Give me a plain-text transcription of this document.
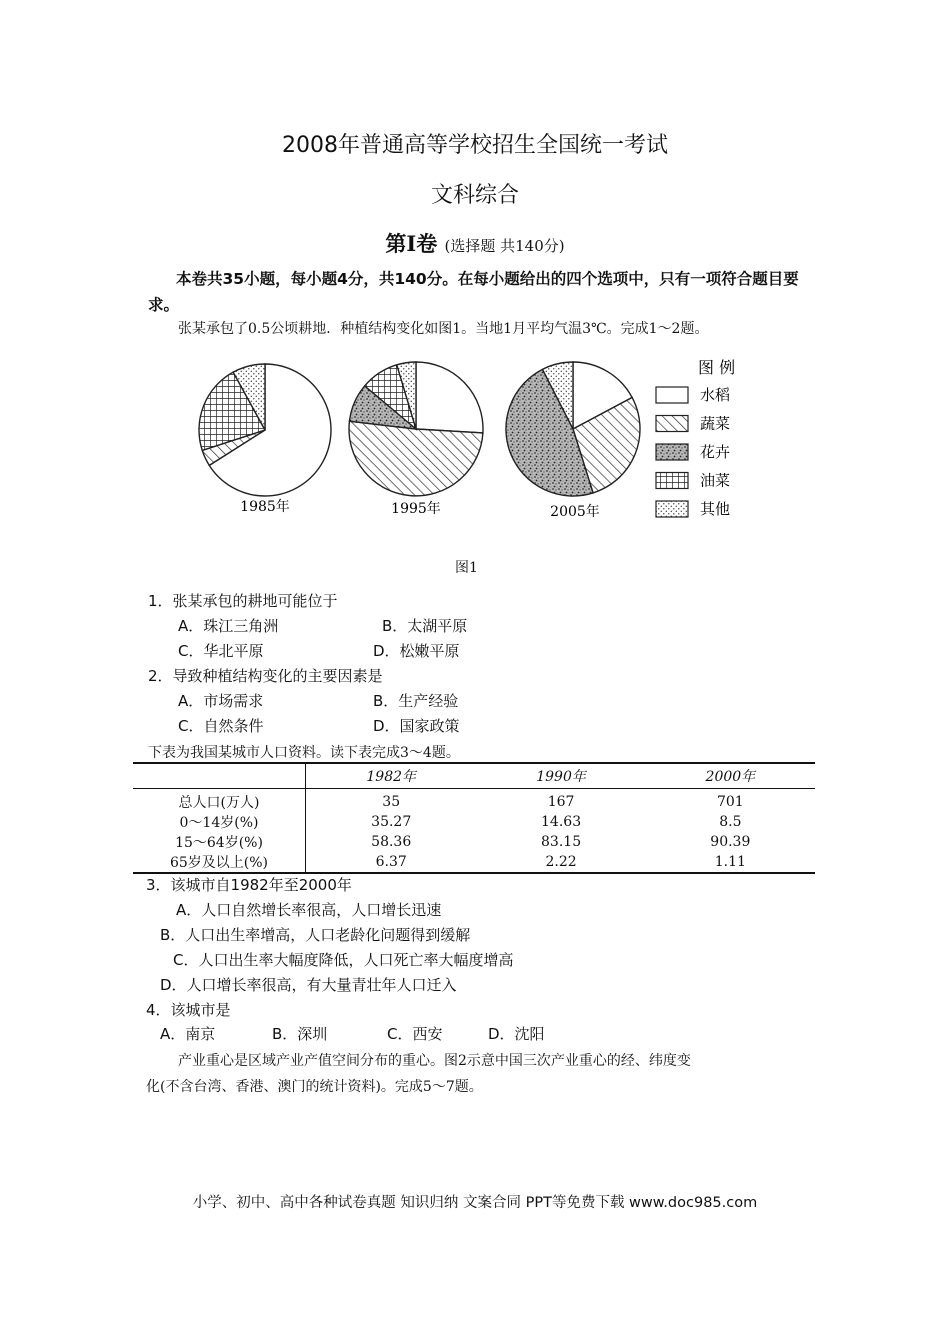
2008年普通高等学校招生全国统一考试
文科综合
第Ⅰ卷 (选择题 共140分)
本卷共35小题，每小题4分，共140分。在每小题给出的四个选项中，只有一项符合题目要求。
张某承包了0.5公顷耕地．种植结构变化如图1。当地1月平均气温3℃。完成1～2题。
1985年	1995年	2005年
图 例
水稻
蔬菜
花卉
油菜
其他
图1
1．张某承包的耕地可能位于
A．珠江三角洲	B．太湖平原
C．华北平原	D．松嫩平原
2．导致种植结构变化的主要因素是
A．市场需求	B．生产经验
C．自然条件	D．国家政策
下表为我国某城市人口资料。读下表完成3～4题。
	1982年	1990年	2000年
总人口(万人)	35	167	701
0～14岁(%)	35.27	14.63	8.5
15～64岁(%)	58.36	83.15	90.39
65岁及以上(%)	6.37	2.22	1.11
3．该城市自1982年至2000年
A．人口自然增长率很高，人口增长迅速
B．人口出生率增高，人口老龄化问题得到缓解
C．人口出生率大幅度降低，人口死亡率大幅度增高
D．人口增长率很高，有大量青壮年人口迁入
4．该城市是
A．南京	B．深圳	C．西安	D．沈阳
产业重心是区域产业产值空间分布的重心。图2示意中国三次产业重心的经、纬度变
化(不含台湾、香港、澳门的统计资料)。完成5～7题。
小学、初中、高中各种试卷真题 知识归纳 文案合同 PPT等免费下载 www.doc985.com
